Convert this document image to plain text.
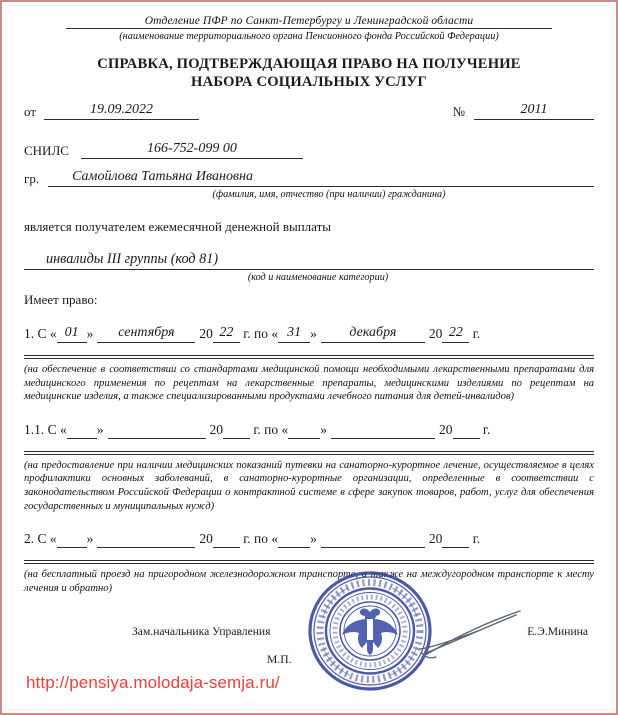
Отделение ПФР по Санкт-Петербургу и Ленинградской области
(наименование территориального органа Пенсионного фонда Российской Федерации)
СПРАВКА, ПОДТВЕРЖДАЮЩАЯ ПРАВО НА ПОЛУЧЕНИЕ
НАБОРА СОЦИАЛЬНЫХ УСЛУГ
от	19.09.2022	№	2011
СНИЛС	166-752-099 00
гр.	Самойлова Татьяна Ивановна
(фамилия, имя, отчество (при наличии) гражданина)
является получателем ежемесячной денежной выплаты
инвалиды III группы (код 81)
(код и наименование категории)
Имеет право:
1.
С « 01 »	сентября	20 22
г.
по « 31 »	декабря	20 22
г.
(на обеспечение в соответствии со стандартами медицинской помощи необходимыми лекарственными препаратами для медицинского применения по рецептам на лекарственные препараты, медицинскими изделиями по рецептам на медицинские изделия, а также специализированными продуктами лечебного питания для детей-инвалидов)
1.1.
С « »	20
г.
по « »	20
г.
(на предоставление при наличии медицинских показаний путевки на санаторно-курортное лечение, осуществляемое в целях профилактики основных заболеваний, в санаторно-курортные организации, определенные в соответствии с законодательством Российской Федерации о контрактной системе в сфере закупок товаров, работ, услуг для обеспечения государственных и муниципальных нужд)
2.
С « »	20
г.
по « »	20
г.
(на бесплатный проезд на пригородном железнодорожном транспорте, а также на междугородном транспорте к месту лечения и обратно)
Зам.начальника Управления	Е.Э.Минина
М.П.
http://pensiya.molodaja-semja.ru/
